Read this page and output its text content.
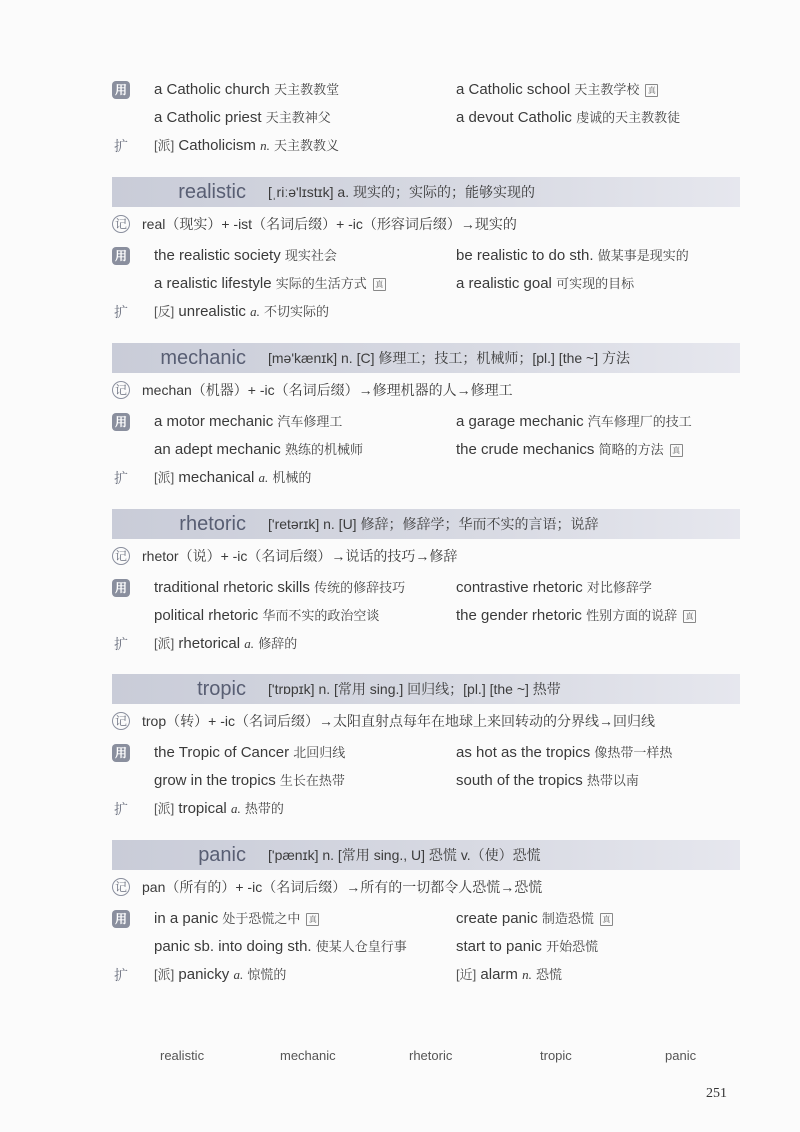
用 a Catholic church 天主教教堂	a Catholic school 天主教学校 真
a Catholic priest 天主教神父	a devout Catholic 虔诚的天主教教徒
扩 [派] Catholicism n. 天主教教义
realistic [ˌriːə'lɪstɪk] a. 现实的；实际的；能够实现的
记 real（现实）+ -ist（名词后缀）+ -ic（形容词后缀）→现实的
用 the realistic society 现实社会	be realistic to do sth. 做某事是现实的
a realistic lifestyle 实际的生活方式 真	a realistic goal 可实现的目标
扩 [反] unrealistic a. 不切实际的
mechanic [mə'kænɪk] n. [C] 修理工；技工；机械师；[pl.] [the ~] 方法
记 mechan（机器）+ -ic（名词后缀）→修理机器的人→修理工
用 a motor mechanic 汽车修理工	a garage mechanic 汽车修理厂的技工
an adept mechanic 熟练的机械师	the crude mechanics 简略的方法 真
扩 [派] mechanical a. 机械的
rhetoric ['retərɪk] n. [U] 修辞；修辞学；华而不实的言语；说辞
记 rhetor（说）+ -ic（名词后缀）→说话的技巧→修辞
用 traditional rhetoric skills 传统的修辞技巧	contrastive rhetoric 对比修辞学
political rhetoric 华而不实的政治空谈	the gender rhetoric 性别方面的说辞 真
扩 [派] rhetorical a. 修辞的
tropic ['trɒpɪk] n. [常用 sing.] 回归线；[pl.] [the ~] 热带
记 trop（转）+ -ic（名词后缀）→太阳直射点每年在地球上来回转动的分界线→回归线
用 the Tropic of Cancer 北回归线	as hot as the tropics 像热带一样热
grow in the tropics 生长在热带	south of the tropics 热带以南
扩 [派] tropical a. 热带的
panic ['pænɪk] n. [常用 sing., U] 恐慌 v.（使）恐慌
记 pan（所有的）+ -ic（名词后缀）→所有的一切都令人恐慌→恐慌
用 in a panic 处于恐慌之中 真	create panic 制造恐慌 真
panic sb. into doing sth. 使某人仓皇行事	start to panic 开始恐慌
扩 [派] panicky a. 惊慌的	[近] alarm n. 恐慌
realistic	mechanic	rhetoric	tropic	panic
251
